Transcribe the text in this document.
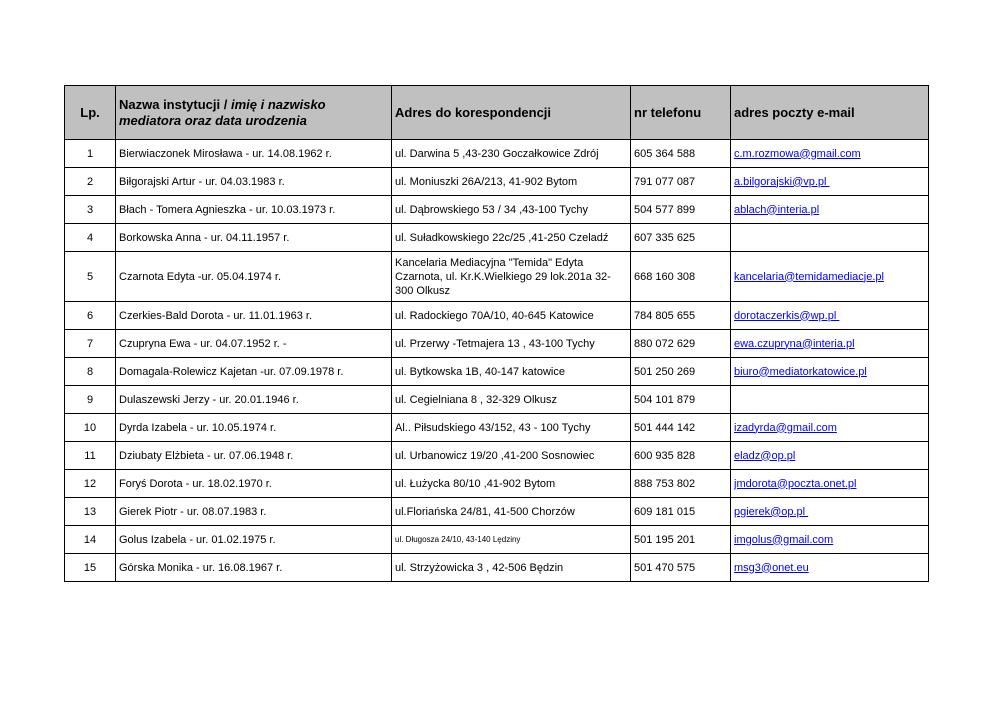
Lp.	Nazwa instytucji / imię i nazwisko mediatora oraz data urodzenia	Adres do korespondencji	nr telefonu	adres poczty e-mail
1	Bierwiaczonek Mirosława - ur. 14.08.1962 r.	ul. Darwina 5 ,43-230 Goczałkowice Zdrój	605 364 588	c.m.rozmowa@gmail.com
2	Biłgorajski Artur - ur. 04.03.1983 r.	ul. Moniuszki 26A/213, 41-902 Bytom	791 077 087	a.bilgorajski@vp.pl
3	Błach - Tomera Agnieszka - ur. 10.03.1973 r.	ul. Dąbrowskiego 53 / 34 ,43-100 Tychy	504 577 899	ablach@interia.pl
4	Borkowska Anna - ur. 04.11.1957 r.	ul. Suładkowskiego 22c/25 ,41-250 Czeladź	607 335 625	
5	Czarnota Edyta -ur. 05.04.1974 r.	Kancelaria Mediacyjna "Temida" Edyta Czarnota, ul. Kr.K.Wielkiego 29 lok.201a 32-300 Olkusz	668 160 308	kancelaria@temidamediacje.pl
6	Czerkies-Bald Dorota - ur. 11.01.1963 r.	ul. Radockiego 70A/10, 40-645 Katowice	784 805 655	dorotaczerkis@wp.pl
7	Czupryna Ewa - ur. 04.07.1952 r. -	ul. Przerwy -Tetmajera 13 , 43-100 Tychy	880 072 629	ewa.czupryna@interia.pl
8	Domagala-Rolewicz Kajetan -ur. 07.09.1978 r.	ul. Bytkowska 1B, 40-147 katowice	501 250 269	biuro@mediatorkatowice.pl
9	Dulaszewski Jerzy - ur. 20.01.1946 r.	ul. Cegielniana 8 , 32-329 Olkusz	504 101 879	
10	Dyrda Izabela - ur. 10.05.1974 r.	Al.. Piłsudskiego 43/152, 43 - 100 Tychy	501 444 142	izadyrda@gmail.com
11	Dziubaty Elżbieta - ur. 07.06.1948 r.	ul. Urbanowicz 19/20 ,41-200 Sosnowiec	600 935 828	eladz@op.pl
12	Foryś Dorota - ur. 18.02.1970 r.	ul. Łużycka 80/10 ,41-902 Bytom	888 753 802	jmdorota@poczta.onet.pl
13	Gierek Piotr - ur. 08.07.1983 r.	ul.Floriańska 24/81, 41-500 Chorzów	609 181 015	pgierek@op.pl
14	Golus Izabela - ur. 01.02.1975 r.	ul. Długosza 24/10, 43-140 Lędziny	501 195 201	imgolus@gmail.com
15	Górska Monika - ur. 16.08.1967 r.	ul. Strzyżowicka 3 , 42-506 Będzin	501 470 575	msg3@onet.eu
